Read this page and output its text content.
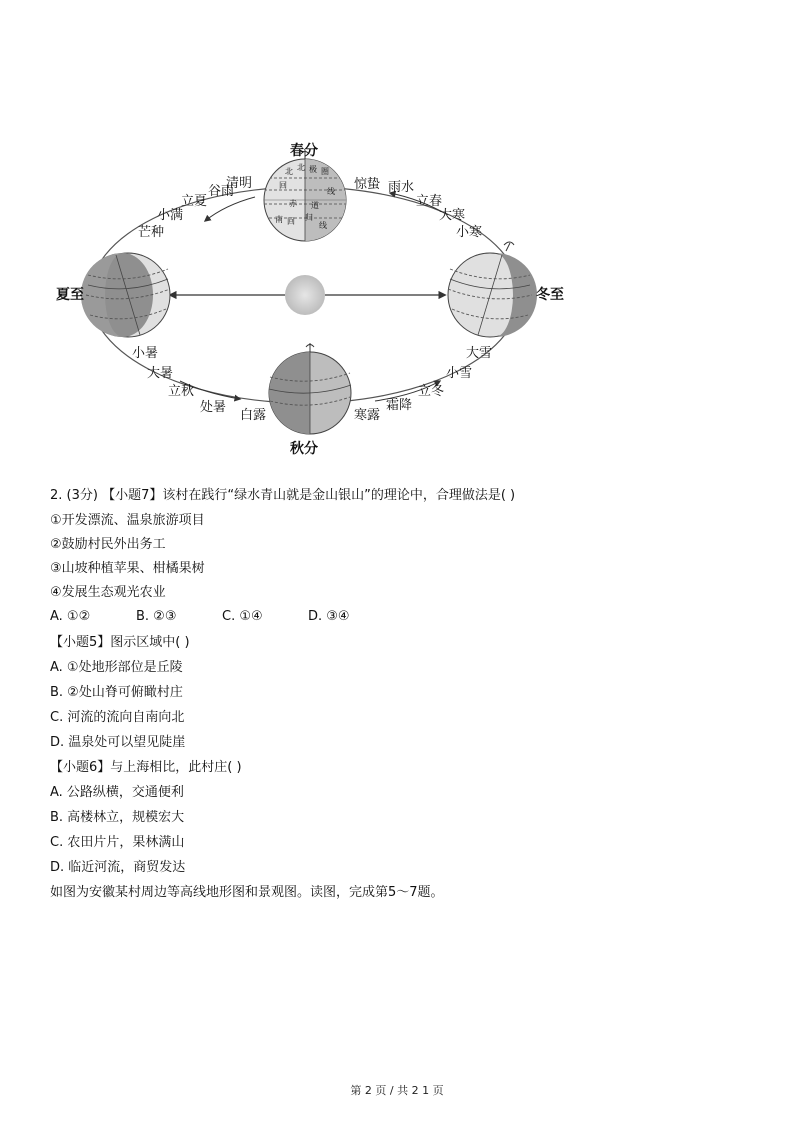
北 北 极 圈
回
线
赤 道
南 回 归
线
春分
夏至	冬至
秋分
清明
谷雨
立夏
小满
芒种
惊蛰 雨水
立春
大寒
小寒
小暑
大暑
立秋
处暑
白露
大雪
小雪
立冬
霜降
寒露
2. (3分) 【小题7】该村在践行“绿水青山就是金山银山”的理论中，合理做法是( )
①开发漂流、温泉旅游项目
②鼓励村民外出务工
③山坡种植苹果、柑橘果树
④发展生态观光农业
A. ①②	B. ②③	C. ①④	D. ③④
【小题5】图示区域中( )
A. ①处地形部位是丘陵
B. ②处山脊可俯瞰村庄
C. 河流的流向自南向北
D. 温泉处可以望见陡崖
【小题6】与上海相比，此村庄( )
A. 公路纵横，交通便利
B. 高楼林立，规模宏大
C. 农田片片，果林满山
D. 临近河流，商贸发达
如图为安徽某村周边等高线地形图和景观图。读图，完成第5～7题。
第 2 页 / 共 2 1 页
